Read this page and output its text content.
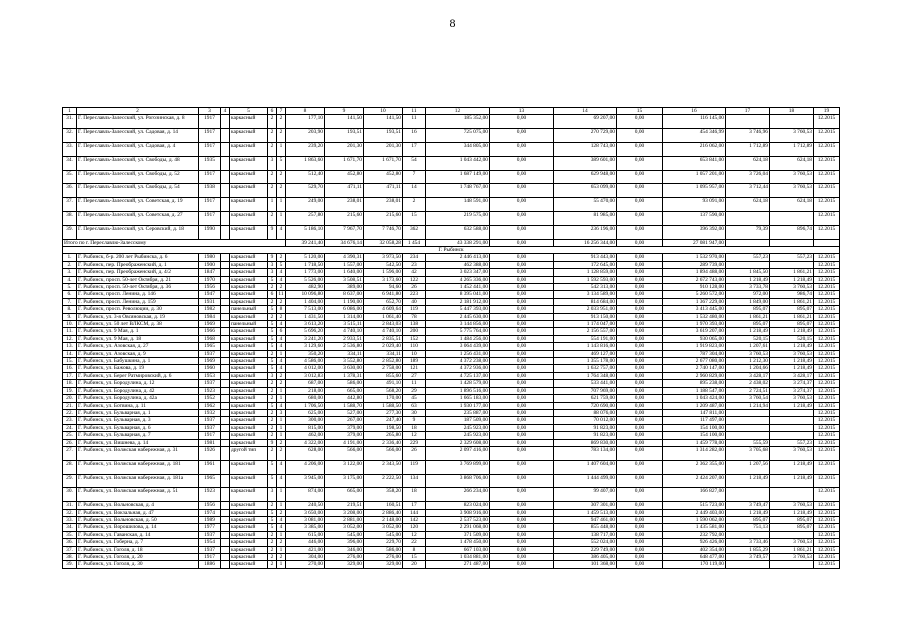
8
1	2	3	4	5	6	7	8	9	10	11	12	13	14	15	16	17	18	19
31.	Г. Переславль-Залесский, ул. Рогозинская, д. 8	1917		каркасный	2	2	177,10	141,50	141,50	11	185 352,00	0,00	69 207,00	0,00	116 145,00			12.2015
32.	Г. Переславль-Залесский, ул. Садовая, д. 14	1917		каркасный	2	2	203,90	193,51	193,51	16	725 075,00	0,00	270 729,00	0,00	454 346,99	3 746,96	3 760,53	12.2015
33.	Г. Переславль-Залесский, ул. Садовая, д. 4	1917		каркасный	2	1	239,20	201,30	201,30	17	344 805,00	0,00	128 743,00	0,00	216 062,00	1 712,89	1 712,89	12.2015
34.	Г. Переславль-Залесский, ул. Свободы, д. 48	1935		каркасный	3	5	1 863,60	1 671,70	1 671,70	54	1 043 442,00	0,00	389 601,00	0,00	653 841,00	624,18	624,18	12.2015
35.	Г. Переславль-Залесский, ул. Свободы, д. 52	1917		каркасный	2	2	512,40	452,80	452,80	7	1 687 149,00	0,00	629 948,00	0,00	1 057 201,00	3 726,04	3 760,53	12.2015
36.	Г. Переславль-Залесский, ул. Свободы, д. 54	1938		каркасный	2	2	529,70	471,11	471,11	14	1 748 767,00	0,00	653 099,00	0,00	1 095 957,00	3 712,44	3 760,53	12.2015
37.	Г. Переславль-Залесский, ул. Советская, д. 19	1917		каркасный	1	1	249,00	238,01	238,01	2	148 591,00	0,00	55 470,00	0,00	93 091,00	624,18	624,18	12.2015
38.	Г. Переславль-Залесский, ул. Советская, д. 27	1917		каркасный	2	1	257,80	215,60	215,60	15	219 575,00	0,00	81 985,00	0,00	137 590,00			12.2015
39.	Г. Переславль-Залесский, ул. Серовский, д. 18	1990		каркасный	9	4	5 186,10	7 967,70	7 746,70	362	632 588,00	0,00	236 196,00	0,00	396 392,00	79,39	896,74	12.2015
Итого по г. Переславлю-Залесскому							39 241,40	34 676,14	32 058,28	1 454	43 338 291,00	0,00	16 256 344,00	0,00	27 081 947,00			
Г. Рыбинск																		
1.	Г. Рыбинск, б-р. 200 лет Рыбинска, д. 6	1980		каркасный	9	2	5 120,00	4 390,31	3 973,50	234	2 446 413,00	0,00	913 443,00	0,00	1 532 970,00	557,23	557,23	12.2015
2.	Г. Рыбинск, пер. Преображенский, д. 1	1900		каркасный	3	5	1 718,50	1 557,00	542,50	23	462 388,00	0,00	172 645,00	0,00	289 739,00			12.2015
3.	Г. Рыбинск, пер. Преображенский, д. 4/2	1847		каркасный	3	4	1 773,00	1 640,00	1 596,00	42	3 023 347,00	0,00	1 128 859,00	0,00	1 894 488,00	1 845,50	1 861,21	12.2015
4.	Г. Рыбинск, просп. 50-лет Октября, д. 21	1970		каркасный	5	4	5 526,00	3 508,51	3 173,60	122	4 265 336,00	0,00	1 592 593,00	0,00	2 672 743,00	1 218,49	1 218,49	12.2015
5.	Г. Рыбинск, просп. 50-лет Октября, д. 36	1956		каркасный	2	2	482,90	389,00	94,60	26	1 452 441,00	0,00	542 313,00	0,00	910 128,00	3 733,78	3 760,53	12.2015
6.	Г. Рыбинск, просп. Ленина, д. 146	1947		каркасный	6	11	10 096,80	8 637,00	6 941,80	223	8 395 041,00	0,00	3 134 589,00	0,00	5 260 572,00	972,00	986,74	12.2015
7.	Г. Рыбинск, просп. Ленина, д. 159	1931		каркасный	2	2	1 404,00	1 190,00	652,70	40	2 181 912,00	0,00	814 684,00	0,00	1 367 229,00	1 849,00	1 861,21	12.2015
8.	Г. Рыбинск, просп. Революции, д. 30	1982		панельный	5	8	7 513,00	6 086,00	4 609,64	119	5 447 393,00	0,00	2 033 951,00	0,00	3 413 445,00	895,07	895,07	12.2015
9.	Г. Рыбинск, ул. 3-я Овсяновская, д. 19	1984		каркасный	2	2	1 431,50	1 314,00	1 061,40	78	2 445 630,00	0,00	913 150,00	0,00	1 532 480,00	1 861,21	1 861,21	12.2015
10.	Г. Рыбинск, ул. 50 лет ВЛКСМ, д. 38	1969		панельный	5	4	3 613,20	3 515,11	2 843,03	138	3 144 856,00	0,00	1 174 047,00	0,00	1 970 393,00	895,07	895,07	12.2015
11.	Г. Рыбинск, ул. 9 Мая, д. 1	1966		каркасный	5	6	5 696,20	4 740,10	4 740,10	200	5 775 764,00	0,00	2 156 557,00	0,00	3 619 207,00	1 218,49	1 218,49	12.2015
12.	Г. Рыбинск, ул. 9 Мая, д. 18	1968		каркасный	5	4	3 241,20	2 933,51	2 835,51	152	1 484 256,00	0,00	554 191,00	0,00	930 065,00	520,15	520,15	12.2015
13.	Г. Рыбинск, ул. Азовская, д. 27	1965		каркасный	5	4	3 129,60	2 536,80	2 029,40	110	3 064 439,00	0,00	1 143 816,00	0,00	1 919 823,00	1 207,61	1 218,49	12.2015
14.	Г. Рыбинск, ул. Азовская, д. 9	1937		каркасный	2	1	350,20	334,11	334,11	10	1 256 431,00	0,00	469 127,00	0,00	787 304,00	3 760,53	3 760,53	12.2015
15.	Г. Рыбинск, ул. Бабушкина, д. 1	1969		каркасный	5	4	4 586,00	3 552,80	2 852,80	189	4 372 238,00	0,00	1 355 178,00	0,00	2 677 080,00	1 212,30	1 218,49	12.2015
16.	Г. Рыбинск, ул. Бажова, д. 19	1960		каркасный	5	4	4 012,00	3 630,00	2 758,00	121	4 372 936,00	0,00	1 632 757,00	0,00	2 740 147,00	1 204,66	1 218,49	12.2015
17.	Г. Рыбинск, ул. Берег Ратмировский, д. 6	1953		каркасный	3	2	3 012,83	1 378,31	855,60	27	4 725 137,00	0,00	1 764 348,00	0,00	2 960 829,00	3 428,17	3 428,17	12.2015
18.	Г. Рыбинск, ул. Бородулина, д. 12	1937		каркасный	2	2	687,00	586,00	491,10	11	1 428 579,00	0,00	533 441,00	0,00	895 238,00	2 438,02	3 274,37	12.2015
19.	Г. Рыбинск, ул. Бородулина, д. 42	1923		каркасный	2	1	218,00	665,00	568,20	29	1 896 516,00	0,00	707 969,00	0,00	1 188 547,00	2 724,51	3 274,37	12.2015
20.	Г. Рыбинск, ул. Бородулина, д. 42а	1952		каркасный	2	1	680,00	442,80	170,00	45	1 665 183,00	0,00	621 759,00	0,00	1 043 424,00	3 760,54	3 760,53	12.2015
21.	Г. Рыбинск, ул. Ботвина, д. 11	1962		каркасный	5	4	1 706,50	1 588,70	1 588,50	63	1 930 177,00	0,00	720 690,00	0,00	1 209 487,00	1 214,94	1 218,49	12.2015
22.	Г. Рыбинск, ул. Бульварная, д. 1	1932		каркасный	2	3	625,00	527,00	277,30	30	235 887,00	0,00	88 076,00	0,00	147 811,00			12.2015
23.	Г. Рыбинск, ул. Бульварная, д. 3	1937		каркасный	2	1	300,00	267,00	247,40	9	187 509,00	0,00	70 012,00	0,00	117 497,00			12.2015
24.	Г. Рыбинск, ул. Бульварная, д. 6	1937		каркасный	2	1	815,00	379,00	198,50	18	245 923,00	0,00	91 823,00	0,00	154 100,00			12.2015
25.	Г. Рыбинск, ул. Бульварная, д. 7	1917		каркасный	2	1	462,00	379,00	265,80	12	245 923,00	0,00	91 823,00	0,00	154 100,00			12.2015
26.	Г. Рыбинск, ул. Вишнева, д. 14	1981		каркасный	9	2	4 322,00	4 191,00	2 336,40	229	2 329 608,00	0,00	869 830,00	0,00	1 459 778,00	555,59	557,23	12.2015
27.	Г. Рыбинск, ул. Волжская набережная, д. 31	1926		другой тип	2	2	628,00	566,00	566,00	26	2 097 416,00	0,00	783 134,00	0,00	1 314 282,00	3 705,68	3 760,53	12.2015
28.	Г. Рыбинск, ул. Волжская набережная, д. 181	1961		каркасный	5	4	4 206,00	3 122,00	2 343,50	119	3 769 899,00	0,00	1 407 604,00	0,00	2 362 355,00	1 207,56	1 218,49	12.2015
29.	Г. Рыбинск, ул. Волжская набережная, д. 181а	1965		каркасный	5	4	3 945,00	3 175,00	2 222,50	134	3 868 706,00	0,00	1 444 499,00	0,00	2 424 207,00	1 218,49	1 218,49	12.2015
30.	Г. Рыбинск, ул. Волжская набережная, д. 51	1923		каркасный	3	1	874,00	665,00	358,20	18	266 234,00	0,00	99 407,00	0,00	166 827,00			12.2015
31.	Г. Рыбинск, ул. Вольновская, д. 4	1956		каркасный	2	1	240,50	219,51	160,51	17	823 024,00	0,00	307 301,00	0,00	515 723,00	3 749,47	3 760,53	12.2015
32.	Г. Рыбинск, ул. Вокзальная, д. 47	1974		каркасный	5	2	3 650,00	3 208,00	2 886,40	144	3 908 916,00	0,00	1 459 513,00	0,00	2 449 403,00	1 218,49	1 218,49	12.2015
33.	Г. Рыбинск, ул. Вольновская, д. 50	1989		каркасный	5	4	3 081,00	2 881,00	2 148,00	142	2 537 523,00	0,00	947 461,00	0,00	1 590 062,00	895,07	895,07	12.2015
34.	Г. Рыбинск, ул. Ворошилова, д. 14	1977		каркасный	5	4	3 385,00	3 052,00	3 052,00	120	2 291 068,00	0,00	855 448,00	0,00	1 435 581,00	751,13	895,07	12.2015
35.	Г. Рыбинск, ул. Гаванская, д. 14	1937		каркасный	2	1	615,00	545,00	545,00	12	371 509,00	0,00	138 717,00	0,00	232 792,00			12.2015
36.	Г. Рыбинск, ул. Гоберна, д. 7	1954		каркасный	2	2	446,00	396,00	229,70	22	1 478 450,00	0,00	552 024,00	0,00	926 426,00	3 733,46	3 760,53	12.2015
37.	Г. Рыбинск, ул. Гоголя, д. 18	1937		каркасный	2	1	421,00	346,00	586,00	8	667 103,00	0,00	229 749,00	0,00	402 354,00	1 855,29	1 861,21	12.2015
38.	Г. Рыбинск, ул. Гоголя, д. 20	1917		каркасный	2	2	304,00	276,00	276,00	15	1 034 881,00	0,00	386 405,00	0,00	648 477,00	3 749,57	3 760,53	12.2015
39.	Г. Рыбинск, ул. Гоголя, д. 30	1886		каркасный	2	1	270,00	329,00	329,00	20	271 487,00	0,00	101 368,00	0,00	170 119,00			12.2015
